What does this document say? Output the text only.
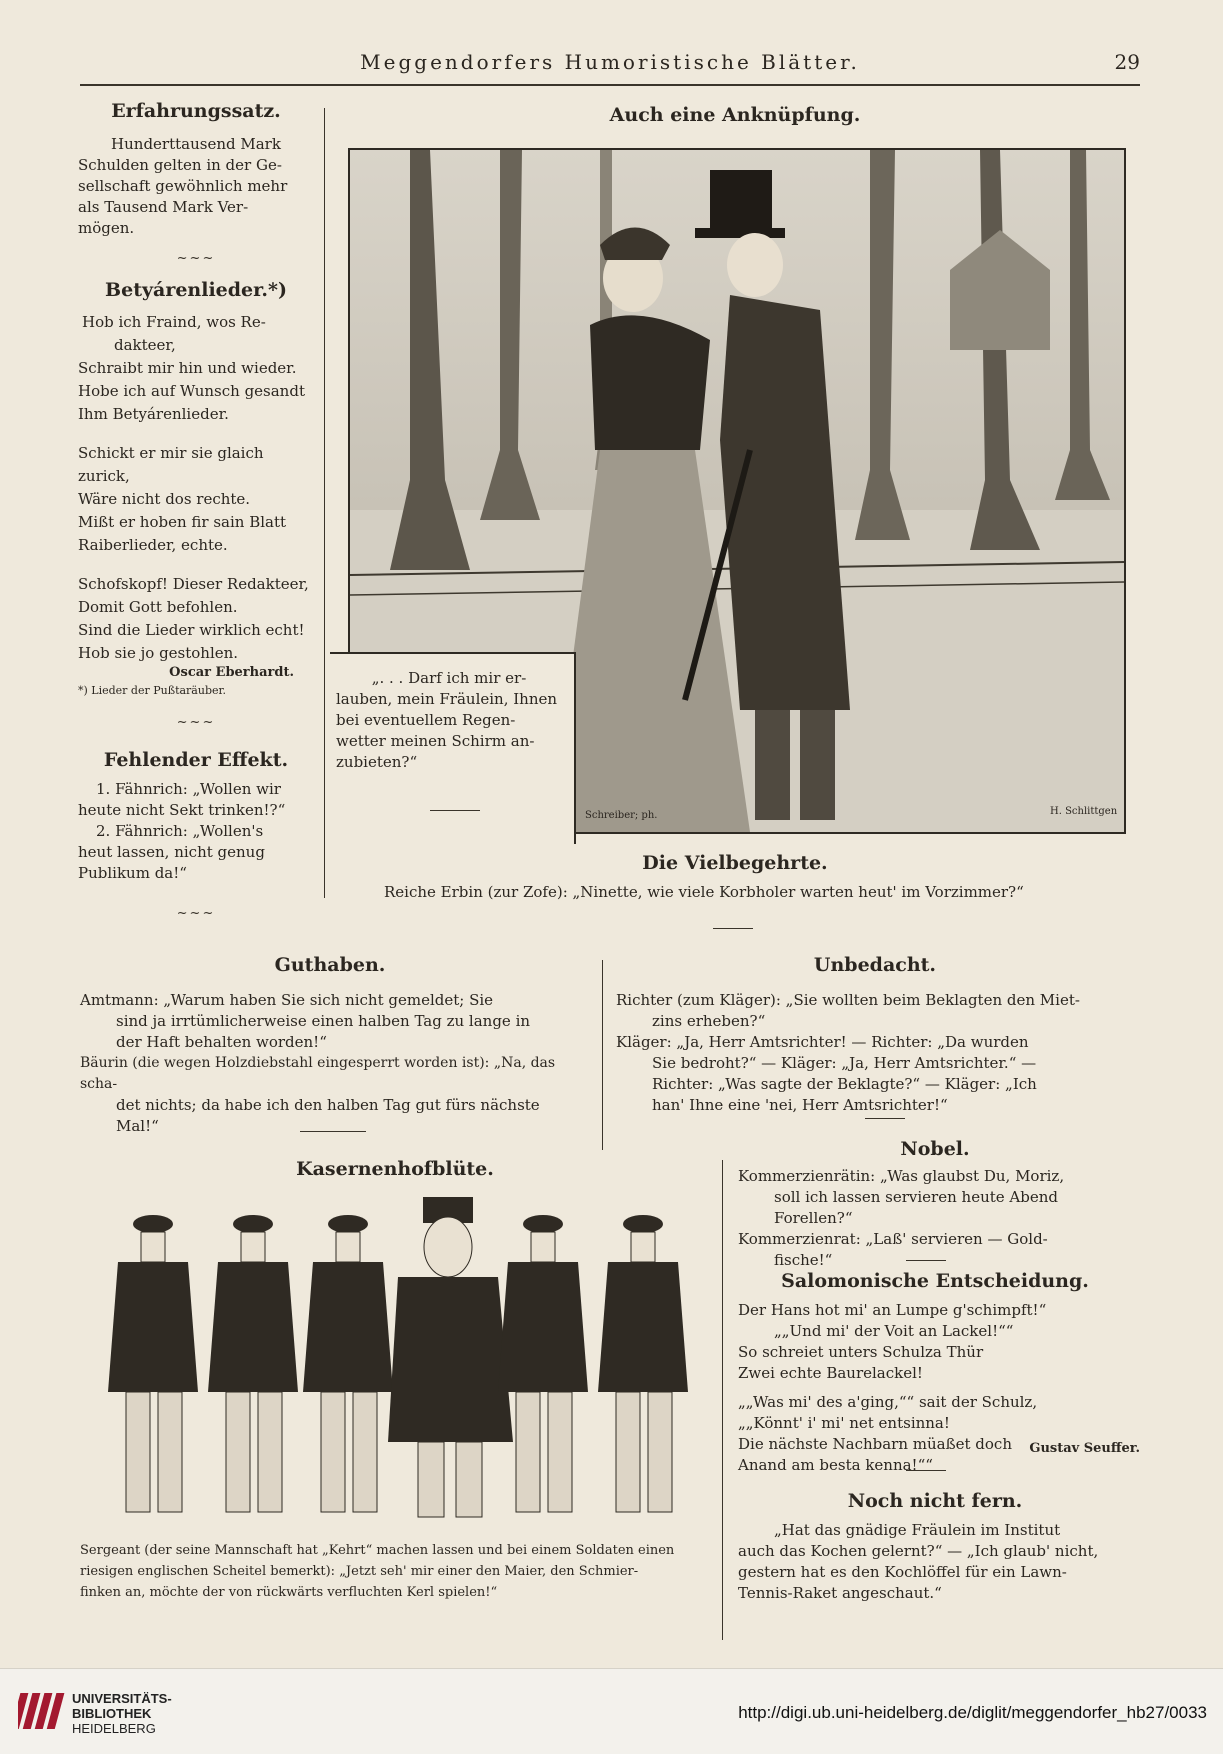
Meggendorfers Humoristische Blätter.	29
Erfahrungssatz.
Hunderttausend Mark
Schulden gelten in der Ge-
sellschaft gewöhnlich mehr
als Tausend Mark Ver-
mögen.
~~~
Betyárenlieder.*)
Hob ich Fraind, wos Re-
dakteer,
Schraibt mir hin und wieder.
Hobe ich auf Wunsch gesandt
Ihm Betyárenlieder.
Schickt er mir sie glaich zurick,
Wäre nicht dos rechte.
Mißt er hoben fir sain Blatt
Raiberlieder, echte.
Schofskopf! Dieser Redakteer,
Domit Gott befohlen.
Sind die Lieder wirklich echt!
Hob sie jo gestohlen.
Oscar Eberhardt.
*) Lieder der Pußtaräuber.
~~~
Fehlender Effekt.
1. Fähnrich: „Wollen wir
heute nicht Sekt trinken!?“
2. Fähnrich: „Wollen's
heut lassen, nicht genug
Publikum da!“
~~~
Auch eine Anknüpfung.
„. . . Darf ich mir er-
lauben, mein Fräulein, Ihnen
bei eventuellem Regen-
wetter meinen Schirm an-
zubieten?“
Schreiber; ph.	H. Schlittgen
Die Vielbegehrte.
Reiche Erbin (zur Zofe): „Ninette, wie viele Korbholer warten heut' im Vorzimmer?“
Guthaben.
Amtmann: „Warum haben Sie sich nicht gemeldet; Sie
sind ja irrtümlicherweise einen halben Tag zu lange in
der Haft behalten worden!“
Bäurin (die wegen Holzdiebstahl eingesperrt worden ist): „Na, das scha-
det nichts; da habe ich den halben Tag gut fürs nächste
Mal!“
Unbedacht.
Richter (zum Kläger): „Sie wollten beim Beklagten den Miet-
zins erheben?“
Kläger: „Ja, Herr Amtsrichter! — Richter: „Da wurden
Sie bedroht?“ — Kläger: „Ja, Herr Amtsrichter.“ —
Richter: „Was sagte der Beklagte?“ — Kläger: „Ich
han' Ihne eine 'nei, Herr Amtsrichter!“
Kasernenhofblüte.
Sergeant (der seine Mannschaft hat „Kehrt“ machen lassen und bei einem Soldaten einen
riesigen englischen Scheitel bemerkt): „Jetzt seh' mir einer den Maier, den Schmier-
finken an, möchte der von rückwärts verfluchten Kerl spielen!“
Nobel.
Kommerzienrätin: „Was glaubst Du, Moriz,
soll ich lassen servieren heute Abend
Forellen?“
Kommerzienrat: „Laß' servieren — Gold-
fische!“
Salomonische Entscheidung.
Der Hans hot mi' an Lumpe g'schimpft!“
„„Und mi' der Voit an Lackel!““
So schreiet unters Schulza Thür
Zwei echte Baurelackel!
„„Was mi' des a'ging,““ sait der Schulz,
„„Könnt' i' mi' net entsinna!
Die nächste Nachbarn müaßet doch
Anand am besta kenna!““
Gustav Seuffer.
Noch nicht fern.
„Hat das gnädige Fräulein im Institut
auch das Kochen gelernt?“ — „Ich glaub' nicht,
gestern hat es den Kochlöffel für ein Lawn-
Tennis-Raket angeschaut.“
UNIVERSITÄTS-
BIBLIOTHEK
HEIDELBERG
http://digi.ub.uni-heidelberg.de/diglit/meggendorfer_hb27/0033
